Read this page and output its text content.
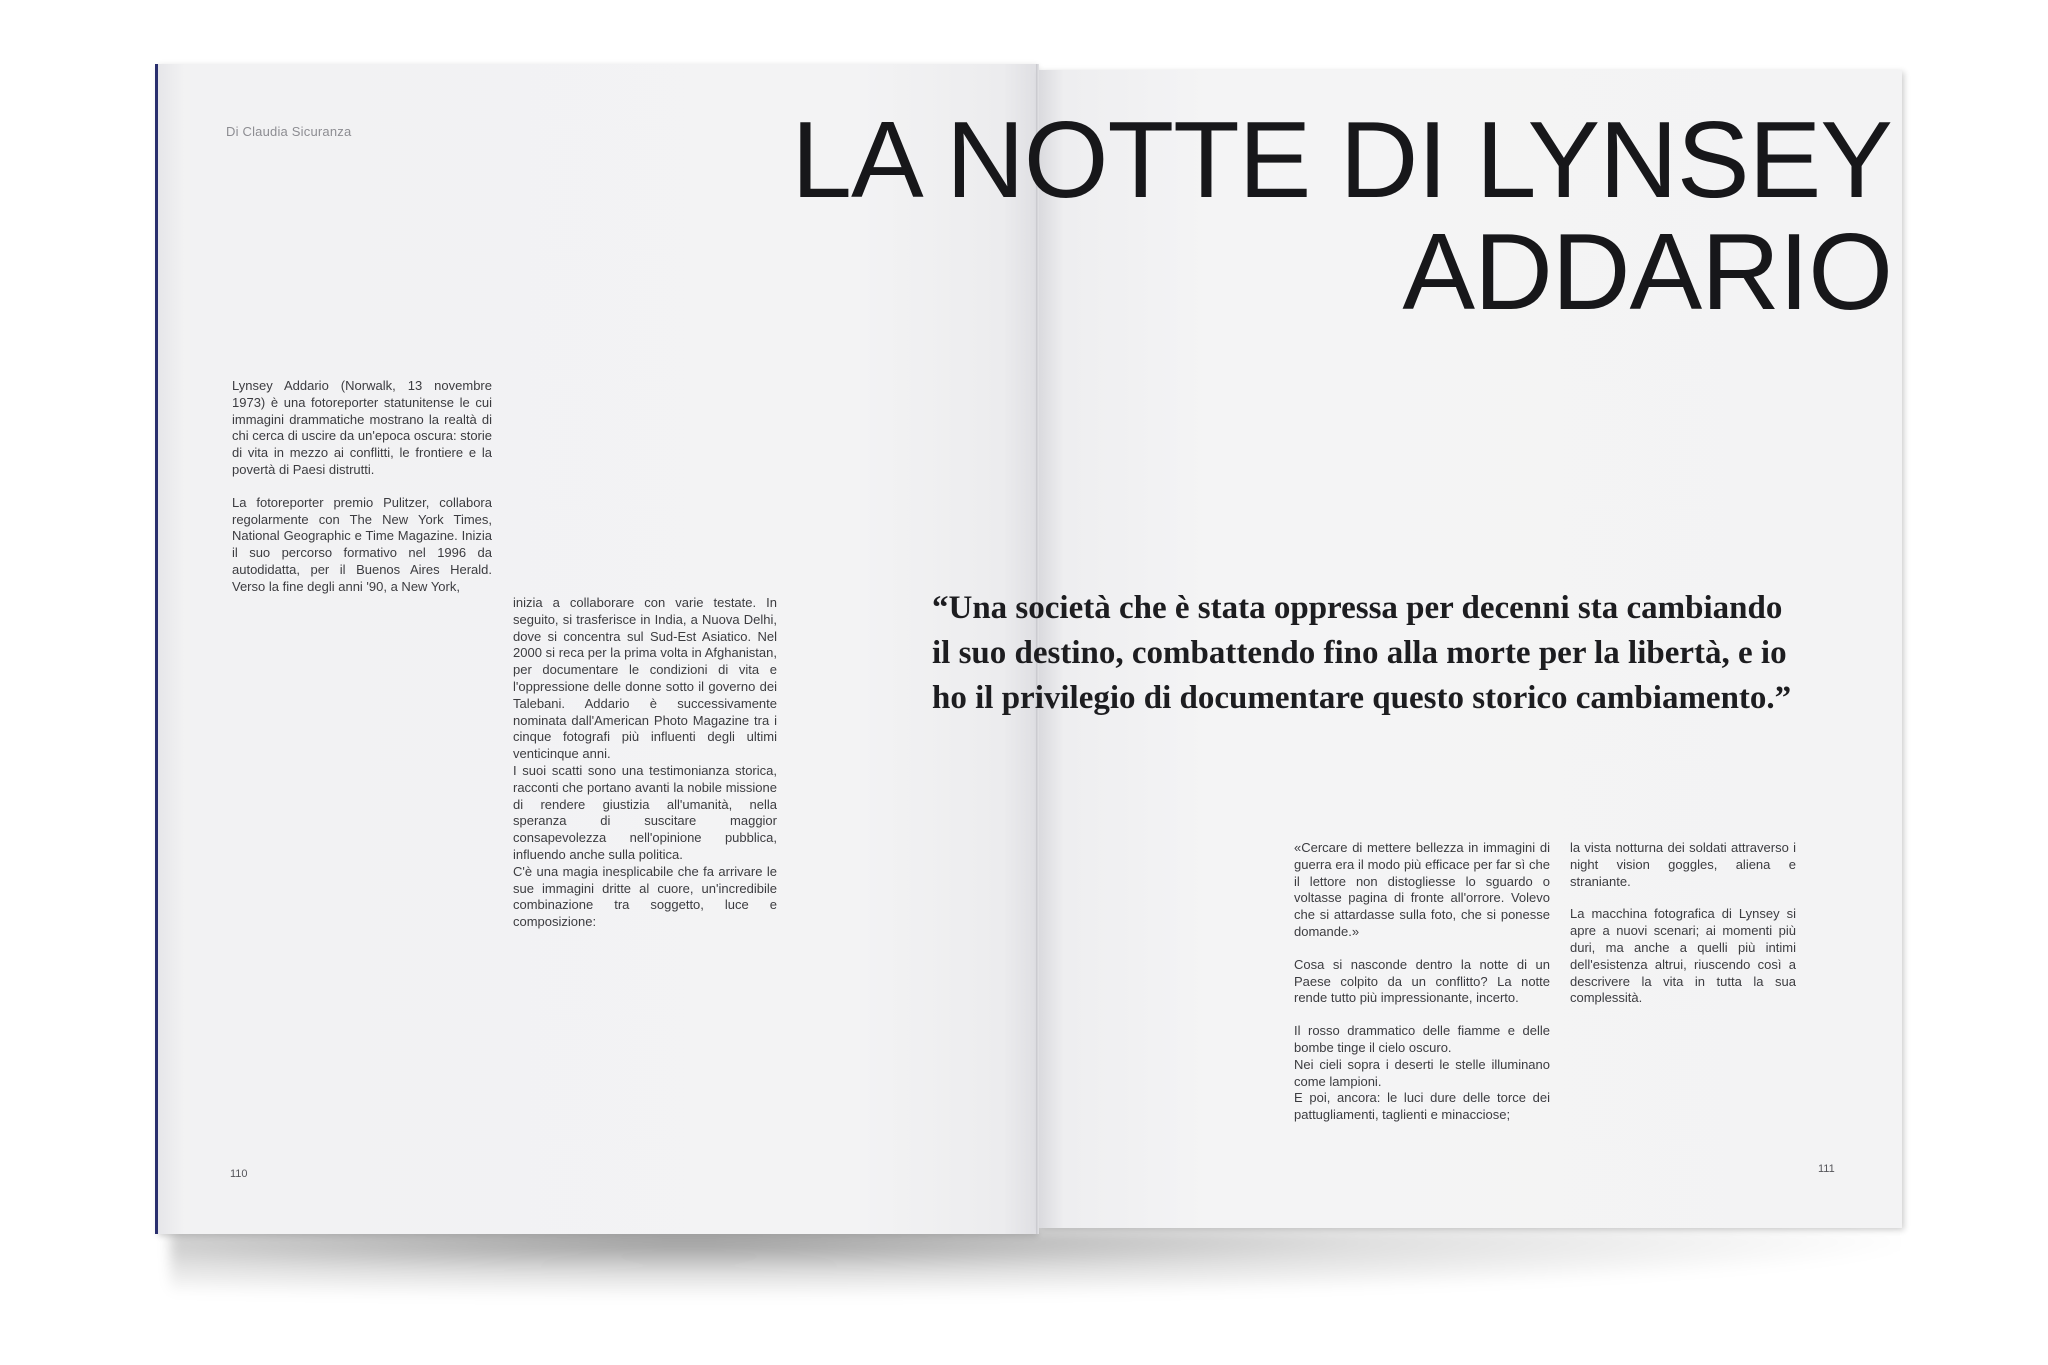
Di Claudia Sicuranza	LA NOTTE DI LYNSEY
ADDARIO

Lynsey Addario (Norwalk, 13 novembre 1973) è una fotoreporter statunitense le cui immagini drammatiche mostrano la realtà di chi cerca di uscire da un'epoca oscura: storie di vita in mezzo ai conflitti, le frontiere e la povertà di Paesi distrutti.

La fotoreporter premio Pulitzer, collabora regolarmente con The New York Times, National Geographic e Time Magazine. Inizia il suo percorso formativo nel 1996 da autodidatta, per il Buenos Aires Herald. Verso la fine degli anni '90, a New York,

inizia a collaborare con varie testate. In seguito, si trasferisce in India, a Nuova Delhi, dove si concentra sul Sud-Est Asiatico. Nel 2000 si reca per la prima volta in Afghanistan, per documentare le condizioni di vita e l'oppressione delle donne sotto il governo dei Talebani. Addario è successivamente nominata dall'American Photo Magazine tra i cinque fotografi più influenti degli ultimi venticinque anni.

I suoi scatti sono una testimonianza storica, racconti che portano avanti la nobile missione di rendere giustizia all'umanità, nella speranza di suscitare maggior consapevolezza nell'opinione pubblica, influendo anche sulla politica.

C'è una magia inesplicabile che fa arrivare le sue immagini dritte al cuore, un'incredibile combinazione tra soggetto, luce e composizione:

“Una società che è stata oppressa per decenni sta cambiando il suo destino, combattendo fino alla morte per la libertà, e io ho il privilegio di documentare questo storico cambiamento.”

«Cercare di mettere bellezza in immagini di guerra era il modo più efficace per far sì che il lettore non distogliesse lo sguardo o voltasse pagina di fronte all'orrore. Volevo che si attardasse sulla foto, che si ponesse domande.»

Cosa si nasconde dentro la notte di un Paese colpito da un conflitto? La notte rende tutto più impressionante, incerto.

Il rosso drammatico delle fiamme e delle bombe tinge il cielo oscuro.

Nei cieli sopra i deserti le stelle illuminano come lampioni.

E poi, ancora: le luci dure delle torce dei pattugliamenti, taglienti e minacciose;

la vista notturna dei soldati attraverso i night vision goggles, aliena e straniante.

La macchina fotografica di Lynsey si apre a nuovi scenari; ai momenti più duri, ma anche a quelli più intimi dell'esistenza altrui, riuscendo così a descrivere la vita in tutta la sua complessità.

110	111
